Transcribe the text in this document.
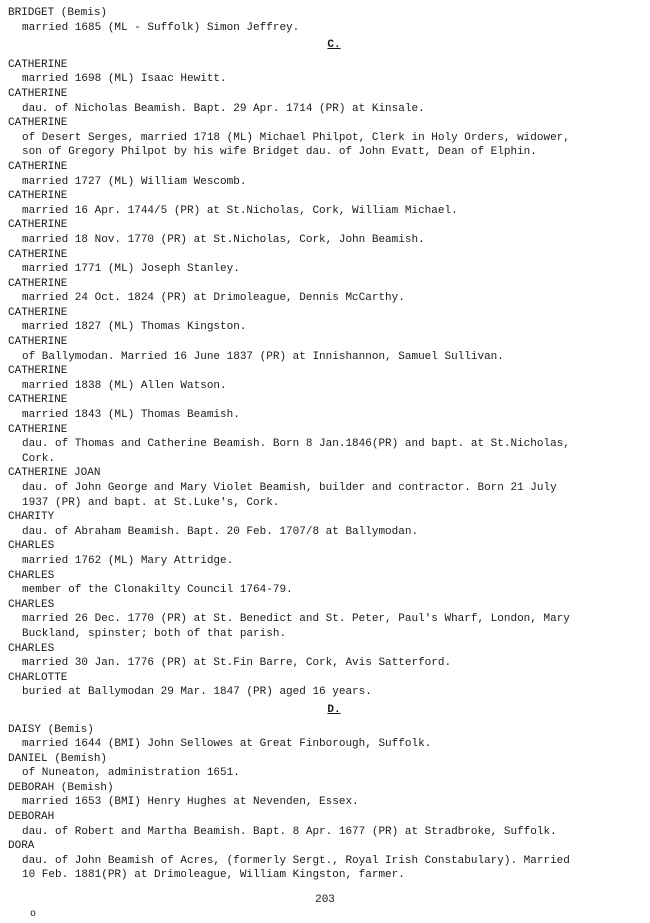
BRIDGET (Bemis)
married 1685 (ML - Suffolk) Simon Jeffrey.
C.
CATHERINE
married 1698 (ML) Isaac Hewitt.
CATHERINE
dau. of Nicholas Beamish. Bapt. 29 Apr. 1714 (PR) at Kinsale.
CATHERINE
of Desert Serges, married 1718 (ML) Michael Philpot, Clerk in Holy Orders, widower,
son of Gregory Philpot by his wife Bridget dau. of John Evatt, Dean of Elphin.
CATHERINE
married 1727 (ML) William Wescomb.
CATHERINE
married 16 Apr. 1744/5 (PR) at St.Nicholas, Cork, William Michael.
CATHERINE
married 18 Nov. 1770 (PR) at St.Nicholas, Cork, John Beamish.
CATHERINE
married 1771 (ML) Joseph Stanley.
CATHERINE
married 24 Oct. 1824 (PR) at Drimoleague, Dennis McCarthy.
CATHERINE
married 1827 (ML) Thomas Kingston.
CATHERINE
of Ballymodan. Married 16 June 1837 (PR) at Innishannon, Samuel Sullivan.
CATHERINE
married 1838 (ML) Allen Watson.
CATHERINE
married 1843 (ML) Thomas Beamish.
CATHERINE
dau. of Thomas and Catherine Beamish. Born 8 Jan.1846(PR) and bapt. at St.Nicholas,
Cork.
CATHERINE JOAN
dau. of John George and Mary Violet Beamish, builder and contractor. Born 21 July
1937 (PR) and bapt. at St.Luke's, Cork.
CHARITY
dau. of Abraham Beamish. Bapt. 20 Feb. 1707/8 at Ballymodan.
CHARLES
married 1762 (ML) Mary Attridge.
CHARLES
member of the Clonakilty Council 1764-79.
CHARLES
married 26 Dec. 1770 (PR) at St. Benedict and St. Peter, Paul's Wharf, London, Mary
Buckland, spinster; both of that parish.
CHARLES
married 30 Jan. 1776 (PR) at St.Fin Barre, Cork, Avis Satterford.
CHARLOTTE
buried at Ballymodan 29 Mar. 1847 (PR) aged 16 years.
D.
DAISY (Bemis)
married 1644 (BMI) John Sellowes at Great Finborough, Suffolk.
DANIEL (Bemish)
of Nuneaton, administration 1651.
DEBORAH (Bemish)
married 1653 (BMI) Henry Hughes at Nevenden, Essex.
DEBORAH
dau. of Robert and Martha Beamish. Bapt. 8 Apr. 1677 (PR) at Stradbroke, Suffolk.
DORA
dau. of John Beamish of Acres, (formerly Sergt., Royal Irish Constabulary). Married
10 Feb. 1881(PR) at Drimoleague, William Kingston, farmer.
203
o
